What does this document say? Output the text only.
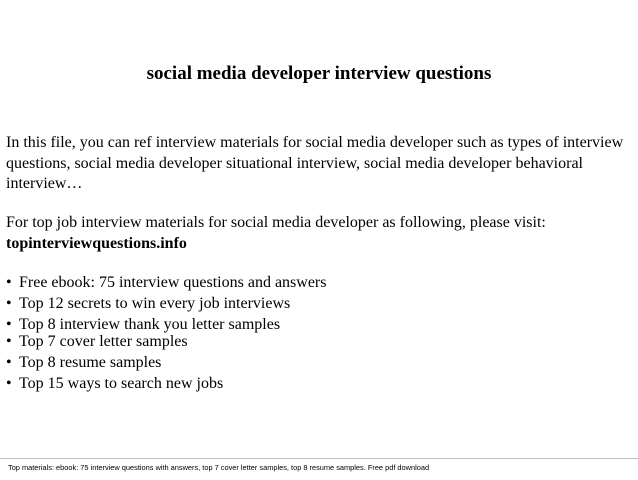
social media developer interview questions

In this file, you can ref interview materials for social media developer such as types of interview questions, social media developer situational interview, social media developer behavioral interview…

For top job interview materials for social media developer as following, please visit:
topinterviewquestions.info

• Free ebook: 75 interview questions and answers
• Top 12 secrets to win every job interviews
• Top 8 interview thank you letter samples
• Top 7 cover letter samples
• Top 8 resume samples
• Top 15 ways to search new jobs
Top materials: ebook: 75 interview questions with answers, top 7 cover letter samples, top 8 resume samples. Free pdf download
